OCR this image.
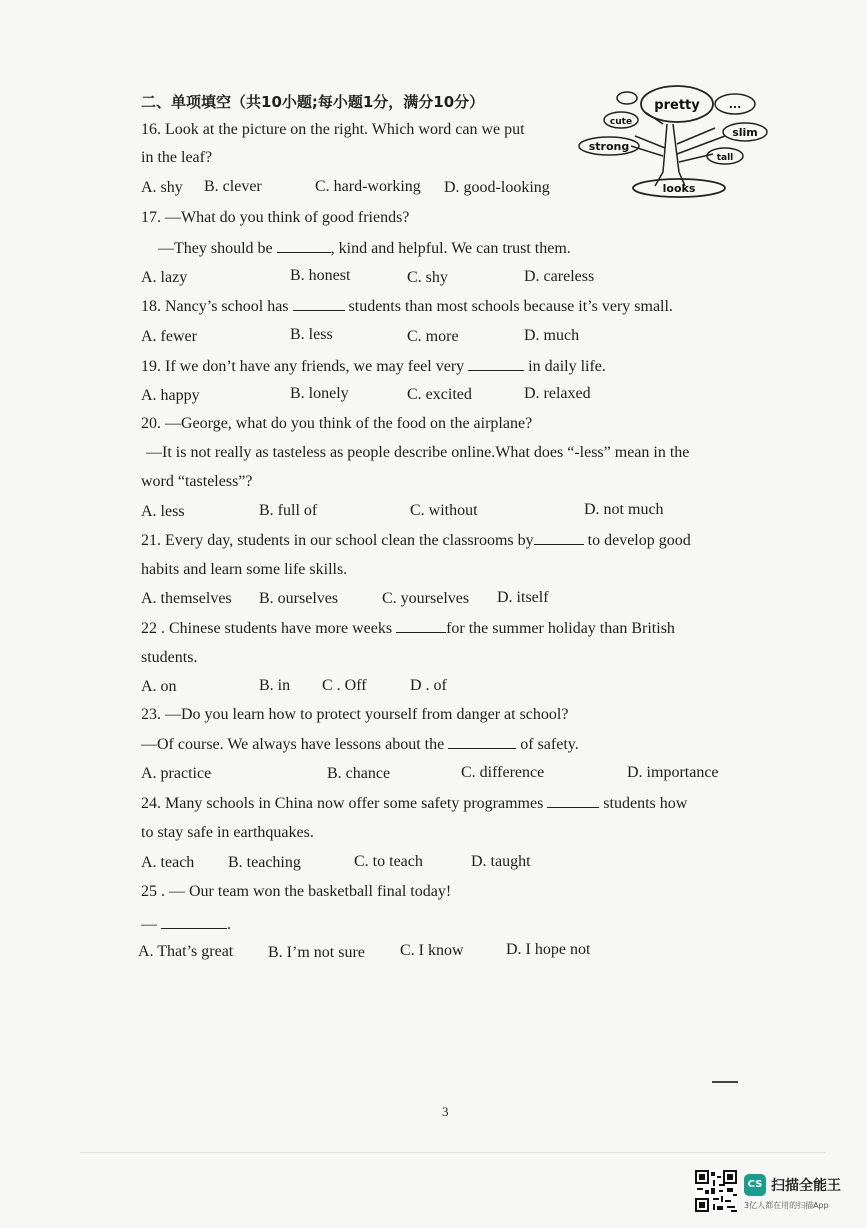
二、单项填空（共10小题;每小题1分，满分10分）	pretty
cute
strong
...
slim
tall
looks
16. Look at the picture on the right. Which word can we put
in the leaf?
A. shy B. clever	C. hard-working D. good-looking
17. —What do you think of good friends?
—They should be	, kind and helpful. We can trust them.
A. lazy	B. honest	C. shy	D. careless
18. Nancy’s school has	students than most schools because it’s very small.
A. fewer	B. less	C. more	D. much
19. If we don’t have any friends, we may feel very	in daily life.
A. happy	B. lonely	C. excited	D. relaxed
20. —George, what do you think of the food on the airplane?
—It is not really as tasteless as people describe online.What does “-less” mean in the
word “tasteless”?
A. less	B. full of	C. without	D. not much
21. Every day, students in our school clean the classrooms by	to develop good
habits and learn some life skills.
A. themselves B. ourselves	C. yourselves D. itself
22 . Chinese students have more weeks	for the summer holiday than British
students.
A. on	B. in C . Off	D . of
23. —Do you learn how to protect yourself from danger at school?
—Of course. We always have lessons about the	of safety.
A. practice	B. chance	C. difference	D. importance
24. Many schools in China now offer some safety programmes	students how
to stay safe in earthquakes.
A. teach B. teaching	C. to teach	D. taught
25 . — Our team won the basketball final today!
—	.
A. That’s great B. I’m not sure C. I know	D. I hope not
3
CS 扫描全能王
3亿人都在用的扫描App
